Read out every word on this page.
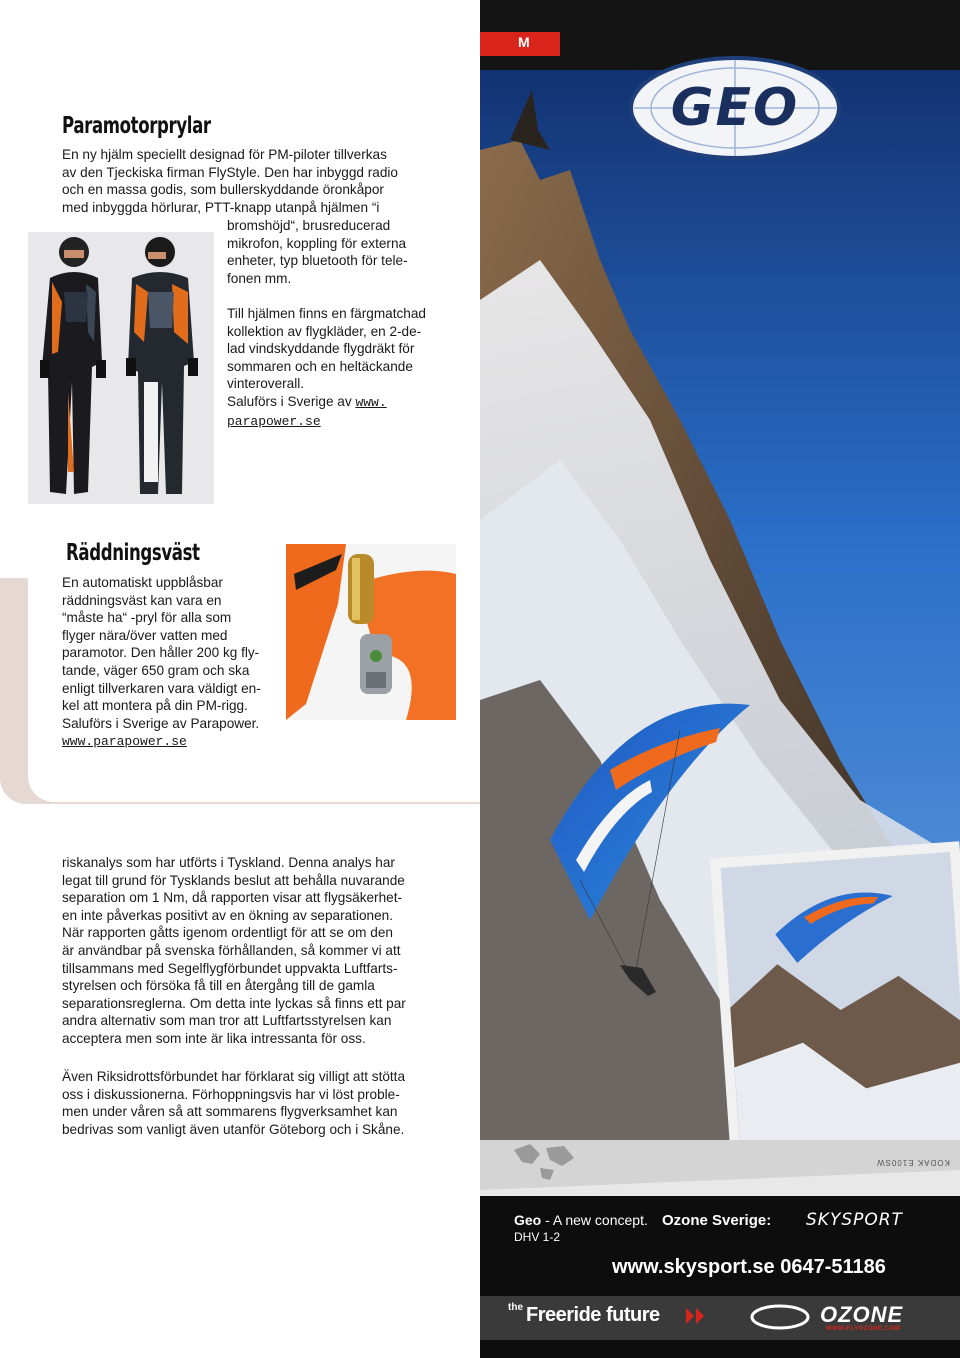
Paramotorprylar
En ny hjälm speciellt designad för PM-piloter tillverkas
av den Tjeckiska firman FlyStyle. Den har inbyggd radio
och en massa godis, som bullerskyddande öronkåpor
med inbyggda hörlurar, PTT-knapp utanpå hjälmen “i
bromshöjd“, brusreducerad
mikrofon, koppling för externa
enheter, typ bluetooth för tele-
fonen mm.
Till hjälmen finns en färgmatchad
kollektion av flygkläder, en 2-de-
lad vindskyddande flygdräkt för
sommaren och en heltäckande
vinteroverall.
Saluförs i Sverige av www.
parapower.se
Räddningsväst
En automatiskt uppblåsbar
räddningsväst kan vara en
“måste ha“ -pryl för alla som
flyger nära/över vatten med
paramotor. Den håller 200 kg fly-
tande, väger 650 gram och ska
enligt tillverkaren vara väldigt en-
kel att montera på din PM-rigg.
Saluförs i Sverige av Parapower.
www.parapower.se
riskanalys som har utförts i Tyskland. Denna analys har
legat till grund för Tysklands beslut att behålla nuvarande
separation om 1 Nm, då rapporten visar att flygsäkerhet-
en inte påverkas positivt av en ökning av separationen.
När rapporten gåtts igenom ordentligt för att se om den
är användbar på svenska förhållanden, så kommer vi att
tillsammans med Segelflygförbundet uppvakta Luftfarts-
styrelsen och försöka få till en återgång till de gamla
separationsreglerna. Om detta inte lyckas så finns ett par
andra alternativ som man tror att Luftfartsstyrelsen kan
acceptera men som inte är lika intressanta för oss.
Även Riksidrottsförbundet har förklarat sig villigt att stötta
oss i diskussionerna. Förhoppningsvis har vi löst proble-
men under våren så att sommarens flygverksamhet kan
bedrivas som vanligt även utanför Göteborg och i Skåne.
GEO
M
KODAK E100SW
Geo - A new concept.
DHV 1-2
Ozone Sverige: SKYSPORT
www.skysport.se 0647-51186
the Freeride future	OZONE
WWW.FLYOZONE.COM
